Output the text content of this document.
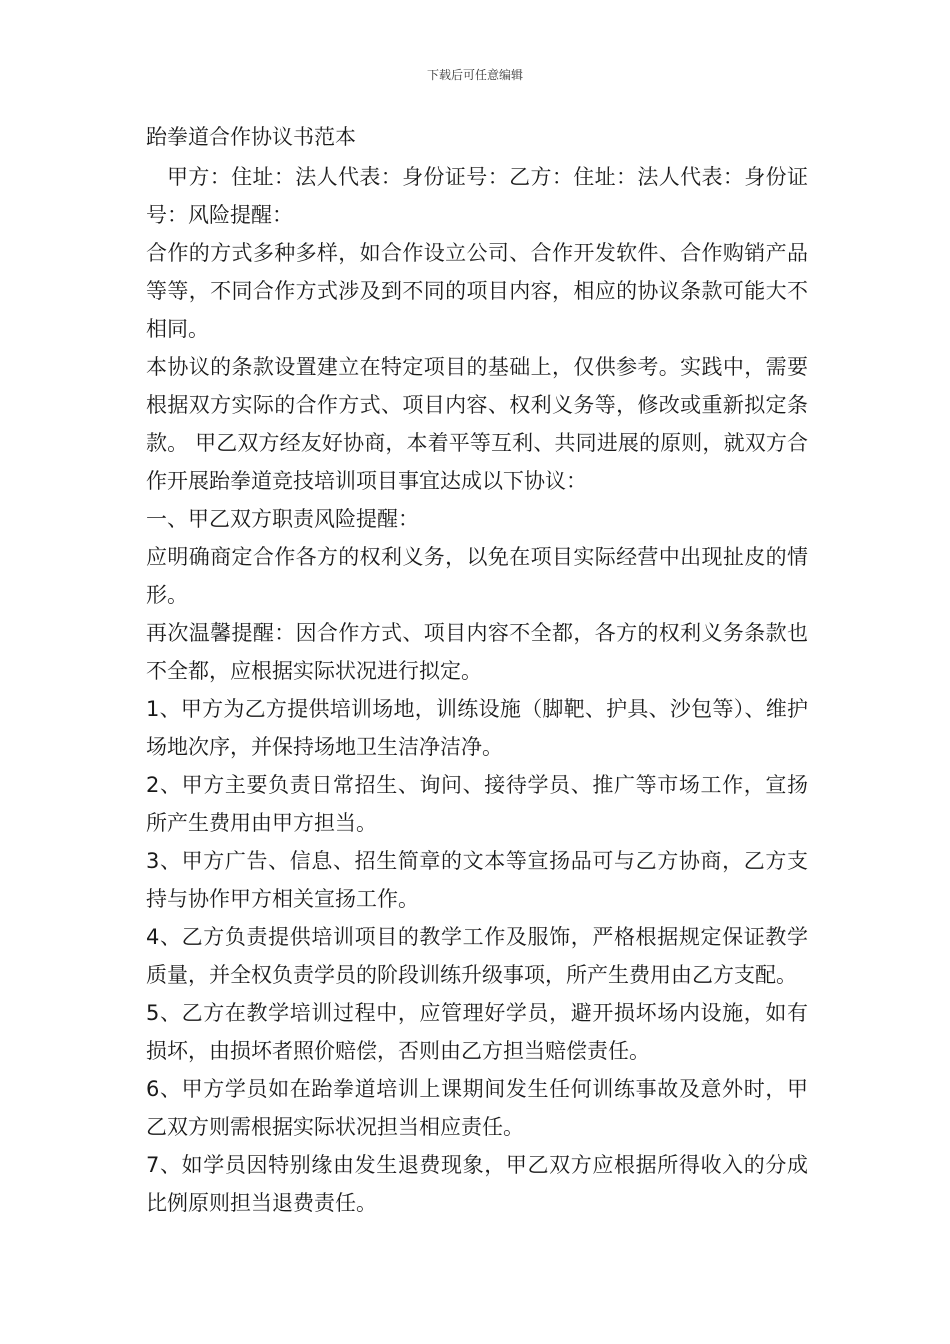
下载后可任意编辑
跆拳道合作协议书范本

甲方：住址：法人代表：身份证号：乙方：住址：法人代表：身份证号：风险提醒：

合作的方式多种多样，如合作设立公司、合作开发软件、合作购销产品等等，不同合作方式涉及到不同的项目内容，相应的协议条款可能大不相同。

本协议的条款设置建立在特定项目的基础上，仅供参考。实践中，需要根据双方实际的合作方式、项目内容、权利义务等，修改或重新拟定条款。 甲乙双方经友好协商，本着平等互利、共同进展的原则，就双方合作开展跆拳道竞技培训项目事宜达成以下协议：

一、甲乙双方职责风险提醒：

应明确商定合作各方的权利义务，以免在项目实际经营中出现扯皮的情形。

再次温馨提醒：因合作方式、项目内容不全都，各方的权利义务条款也不全都，应根据实际状况进行拟定。

1、甲方为乙方提供培训场地，训练设施（脚靶、护具、沙包等）、维护场地次序，并保持场地卫生洁净洁净。

2、甲方主要负责日常招生、询问、接待学员、推广等市场工作，宣扬所产生费用由甲方担当。

3、甲方广告、信息、招生简章的文本等宣扬品可与乙方协商，乙方支持与协作甲方相关宣扬工作。

4、乙方负责提供培训项目的教学工作及服饰，严格根据规定保证教学质量，并全权负责学员的阶段训练升级事项，所产生费用由乙方支配。

5、乙方在教学培训过程中，应管理好学员，避开损坏场内设施，如有损坏，由损坏者照价赔偿，否则由乙方担当赔偿责任。

6、甲方学员如在跆拳道培训上课期间发生任何训练事故及意外时，甲乙双方则需根据实际状况担当相应责任。

7、如学员因特别缘由发生退费现象，甲乙双方应根据所得收入的分成比例原则担当退费责任。
